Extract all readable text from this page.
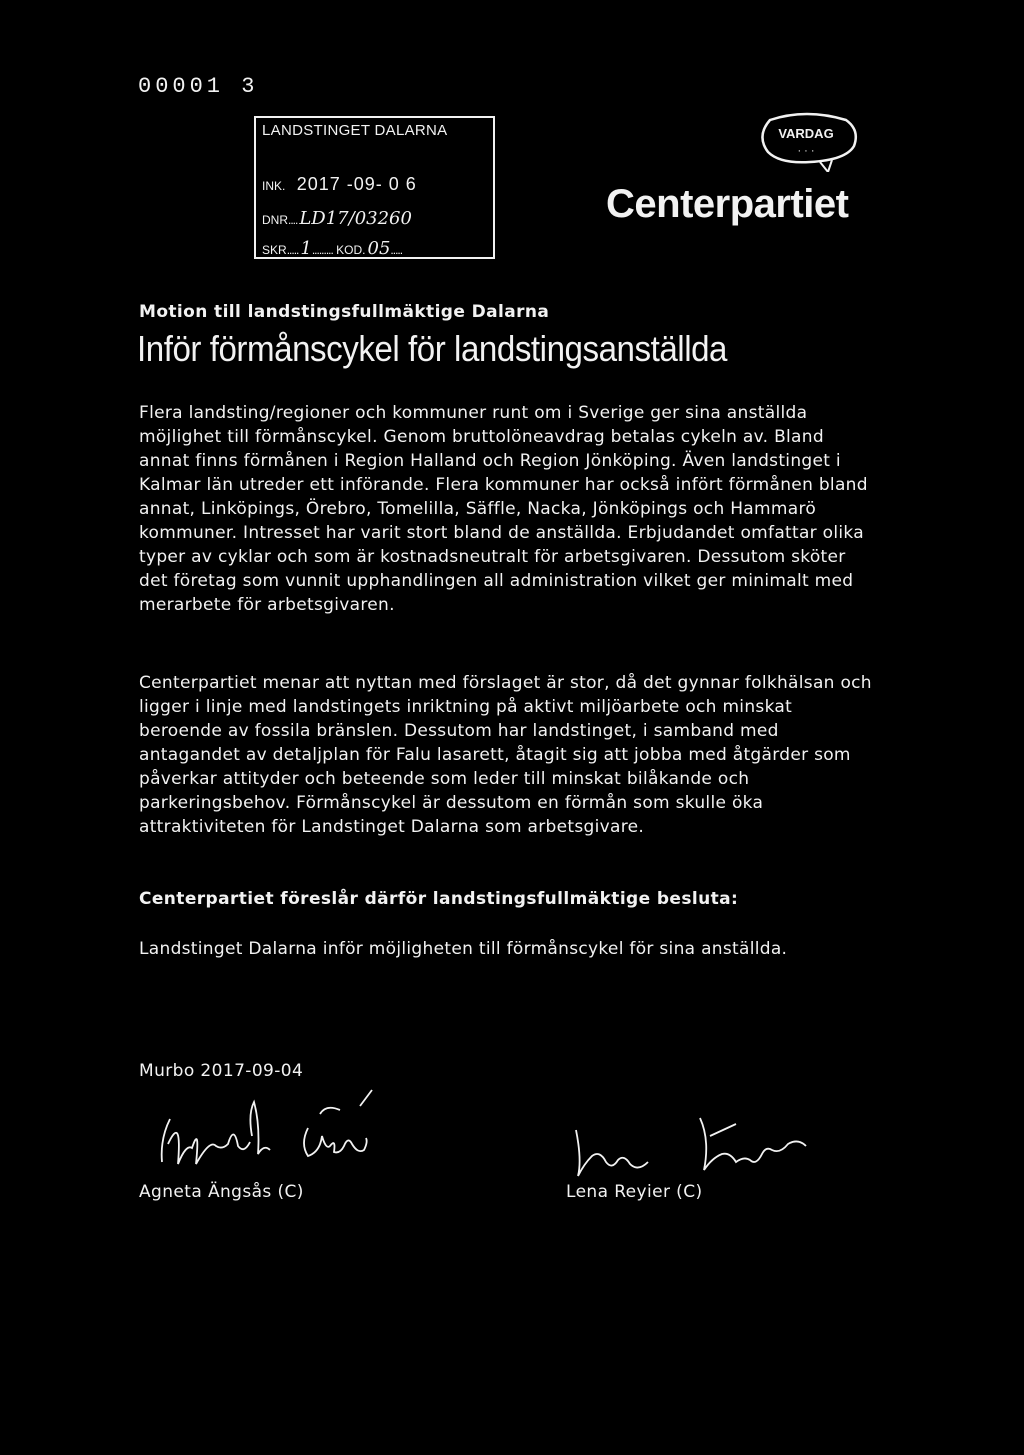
00001 3
LANDSTINGET DALARNA
INK. 2017 -09- 0 6
DNR.... LD17/03260
SKR..... 1......... KOD. 05.....
VARDAG
· · ·
Centerpartiet
Motion till landstingsfullmäktige Dalarna
Inför förmånscykel för landstingsanställda
Flera landsting/regioner och kommuner runt om i Sverige ger sina anställda möjlighet till förmånscykel. Genom bruttolöneavdrag betalas cykeln av. Bland annat finns förmånen i Region Halland och Region Jönköping. Även landstinget i Kalmar län utreder ett införande. Flera kommuner har också infört förmånen bland annat, Linköpings, Örebro, Tomelilla, Säffle, Nacka, Jönköpings och Hammarö kommuner. Intresset har varit stort bland de anställda. Erbjudandet omfattar olika typer av cyklar och som är kostnadsneutralt för arbetsgivaren. Dessutom sköter det företag som vunnit upphandlingen all administration vilket ger minimalt med merarbete för arbetsgivaren.
Centerpartiet menar att nyttan med förslaget är stor, då det gynnar folkhälsan och ligger i linje med landstingets inriktning på aktivt miljöarbete och minskat beroende av fossila bränslen. Dessutom har landstinget, i samband med antagandet av detaljplan för Falu lasarett, åtagit sig att jobba med åtgärder som påverkar attityder och beteende som leder till minskat bilåkande och parkeringsbehov. Förmånscykel är dessutom en förmån som skulle öka attraktiviteten för Landstinget Dalarna som arbetsgivare.
Centerpartiet föreslår därför landstingsfullmäktige besluta:
Landstinget Dalarna inför möjligheten till förmånscykel för sina anställda.
Murbo 2017-09-04
Agneta Ängsås (C)	Lena Reyier (C)
